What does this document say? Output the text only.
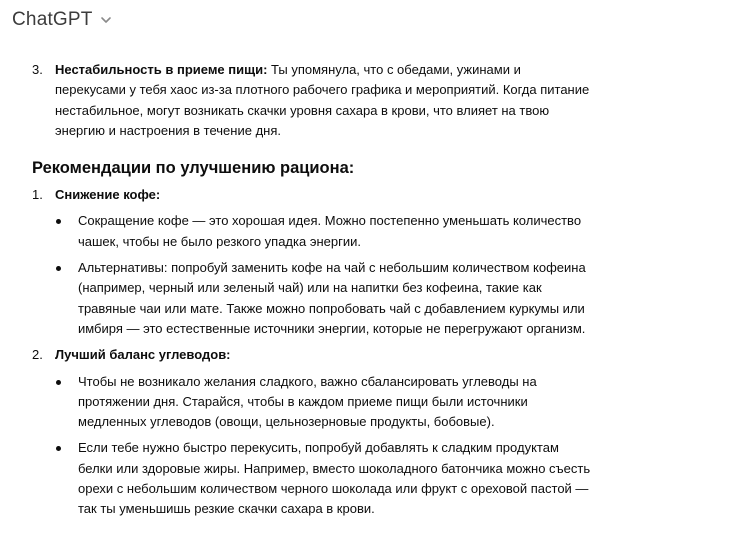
ChatGPT
3. Нестабильность в приеме пищи: Ты упомянула, что с обедами, ужинами и перекусами у тебя хаос из-за плотного рабочего графика и мероприятий. Когда питание нестабильное, могут возникать скачки уровня сахара в крови, что влияет на твою энергию и настроения в течение дня.
Рекомендации по улучшению рациона:
1. Снижение кофе:
Сокращение кофе — это хорошая идея. Можно постепенно уменьшать количество чашек, чтобы не было резкого упадка энергии.
Альтернативы: попробуй заменить кофе на чай с небольшим количеством кофеина (например, черный или зеленый чай) или на напитки без кофеина, такие как травяные чаи или мате. Также можно попробовать чай с добавлением куркумы или имбиря — это естественные источники энергии, которые не перегружают организм.
2. Лучший баланс углеводов:
Чтобы не возникало желания сладкого, важно сбалансировать углеводы на протяжении дня. Старайся, чтобы в каждом приеме пищи были источники медленных углеводов (овощи, цельнозерновые продукты, бобовые).
Если тебе нужно быстро перекусить, попробуй добавлять к сладким продуктам белки или здоровые жиры. Например, вместо шоколадного батончика можно съесть орехи с небольшим количеством черного шоколада или фрукт с ореховой пастой — так ты уменьшишь резкие скачки сахара в крови.
